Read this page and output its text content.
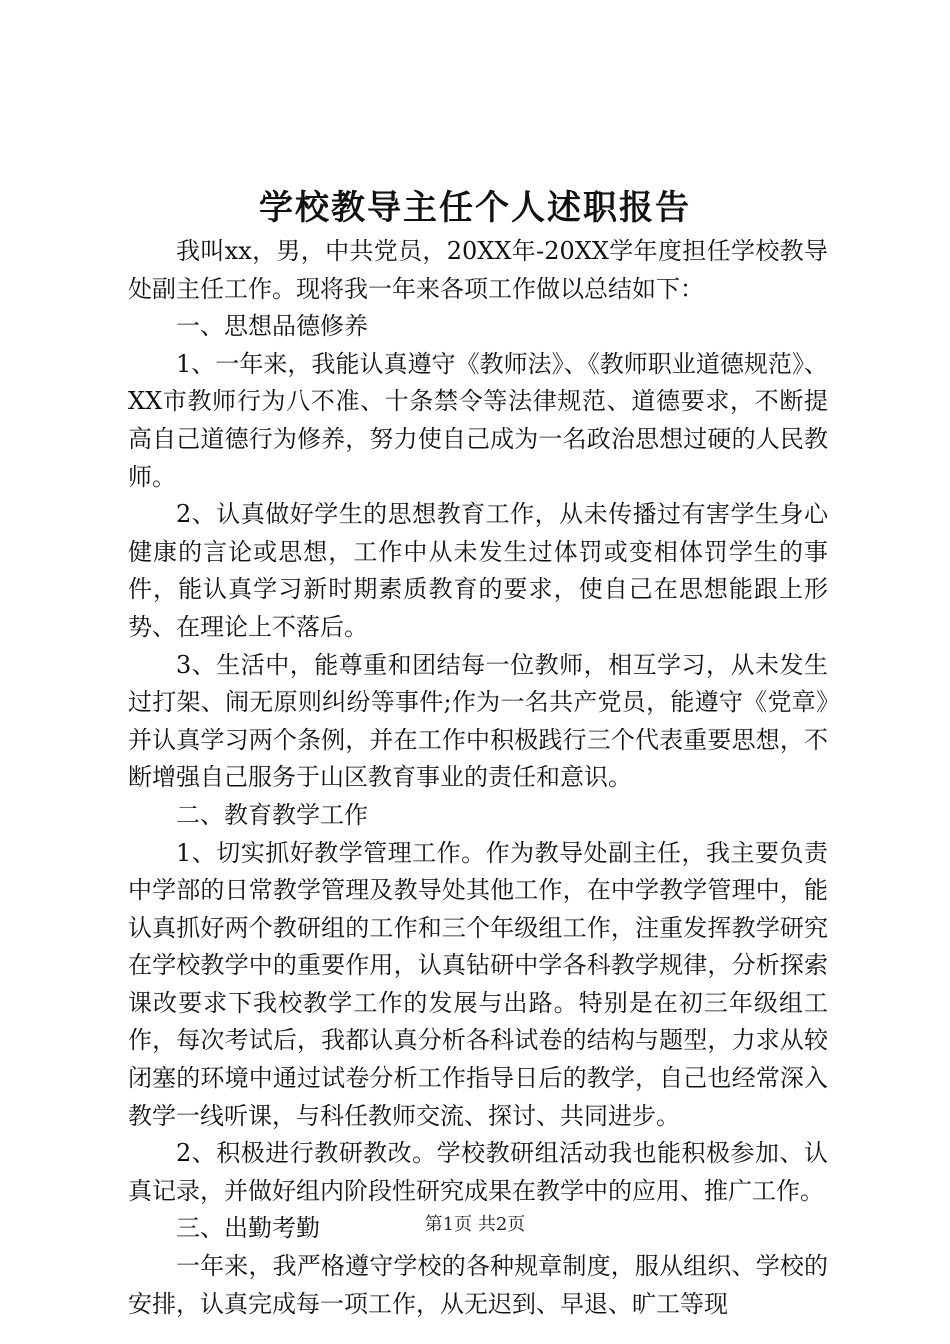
学校教导主任个人述职报告

我叫xx，男，中共党员，20XX年-20XX学年度担任学校教导处副主任工作。现将我一年来各项工作做以总结如下：

一、思想品德修养

1、一年来，我能认真遵守《教师法》、《教师职业道德规范》、XX市教师行为八不准、十条禁令等法律规范、道德要求，不断提高自己道德行为修养，努力使自己成为一名政治思想过硬的人民教师。

2、认真做好学生的思想教育工作，从未传播过有害学生身心健康的言论或思想，工作中从未发生过体罚或变相体罚学生的事件，能认真学习新时期素质教育的要求，使自己在思想能跟上形势、在理论上不落后。

3、生活中，能尊重和团结每一位教师，相互学习，从未发生过打架、闹无原则纠纷等事件;作为一名共产党员，能遵守《党章》并认真学习两个条例，并在工作中积极践行三个代表重要思想，不断增强自己服务于山区教育事业的责任和意识。

二、教育教学工作

1、切实抓好教学管理工作。作为教导处副主任，我主要负责中学部的日常教学管理及教导处其他工作，在中学教学管理中，能认真抓好两个教研组的工作和三个年级组工作，注重发挥教学研究在学校教学中的重要作用，认真钻研中学各科教学规律，分析探索课改要求下我校教学工作的发展与出路。特别是在初三年级组工作，每次考试后，我都认真分析各科试卷的结构与题型，力求从较闭塞的环境中通过试卷分析工作指导日后的教学，自己也经常深入教学一线听课，与科任教师交流、探讨、共同进步。

2、积极进行教研教改。学校教研组活动我也能积极参加、认真记录，并做好组内阶段性研究成果在教学中的应用、推广工作。

三、出勤考勤

一年来，我严格遵守学校的各种规章制度，服从组织、学校的安排，认真完成每一项工作，从无迟到、早退、旷工等现

第1页 共2页
